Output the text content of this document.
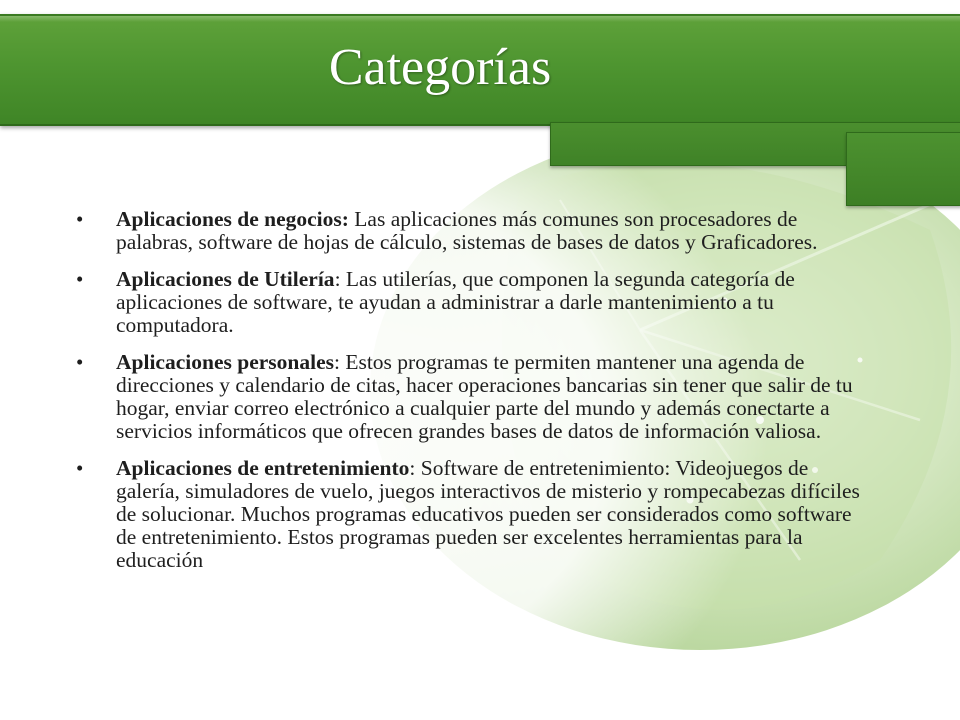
Categorías
• Aplicaciones de negocios: Las aplicaciones más comunes son procesadores de palabras, software de hojas de cálculo, sistemas de bases de datos y Graficadores.
• Aplicaciones de Utilería: Las utilerías, que componen la segunda categoría de aplicaciones de software, te ayudan a administrar a darle mantenimiento a tu computadora.
• Aplicaciones personales: Estos programas te permiten mantener una agenda de direcciones y calendario de citas, hacer operaciones bancarias sin tener que salir de tu hogar, enviar correo electrónico a cualquier parte del mundo y además conectarte a servicios informáticos que ofrecen grandes bases de datos de información valiosa.
• Aplicaciones de entretenimiento: Software de entretenimiento: Videojuegos de galería, simuladores de vuelo, juegos interactivos de misterio y rompecabezas difíciles de solucionar. Muchos programas educativos pueden ser considerados como software de entretenimiento. Estos programas pueden ser excelentes herramientas para la educación
